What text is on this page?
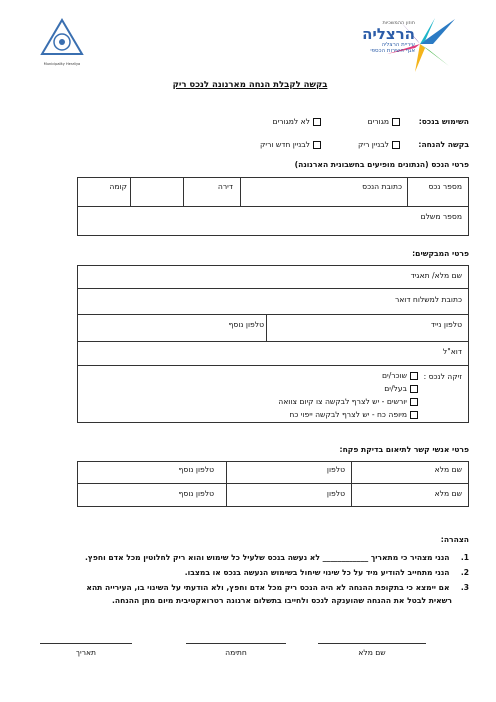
חוזון ההמשכיות
הרצליה
עיריית הרצליה
אגף השירות הכספי
Municipality Herzliya
בקשה לקבלת הנחה מארנונה לנכס ריק
השימוש בנכס:
מגורים
לא למגורים
בקשה להנחה:
לבניין ריק
לבניין חדש וריק
פרטי הנכס (הנתונים מופיעים בחשבונית הארנונה)
מספר נכס
כתובת הנכס
דירה
קומה
מספר משלם
פרטי המבקשים:
שם מלא/ תאגיד
כתובת למשלוח דואר
טלפון נייד
טלפון נוסף
דוא"ל
זיקה לנכס :
שוכר/ים
בעל/ים
יורשים - יש לצרף לבקשה צו קיום צוואה
מיופה כח - יש לצרף לבקשה ייפוי כח
פרטי אנשי קשר לתיאום בדיקת פקח:
שם מלא
טלפון
טלפון נוסף
שם מלא
טלפון
טלפון נוסף
הצהרה:
1.  הנני מצהיר כי מתאריך ____________ לא נעשה בנכס שלעיל כל שימוש והוא ריק לחלוטין מכל אדם וחפץ.
2.  הנני מתחייב להודיע מיד על כל שינוי שיחול בשימוש הנעשה בנכס או במצבו.
3.  אם יימצא כי בתקופת ההנחה לא היה הנכס ריק מכל אדם וחפץ, ולא הודעתי על השינוי בו, העירייה תהא
רשאית לבטל את ההנחה שהוענקה לנכס ולחייבו בתשלום ארנונה רטרואקטיבית מיום מתן ההנחה.
שם מלא
חתימה
תאריך
